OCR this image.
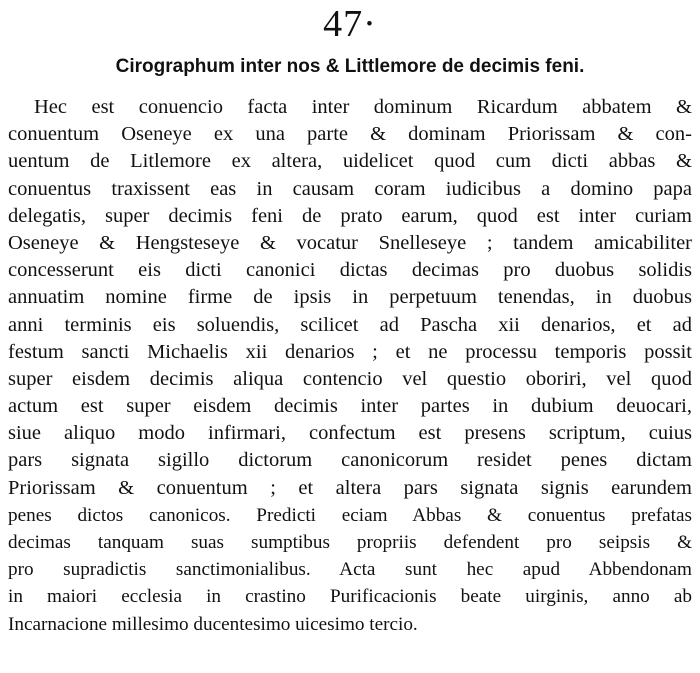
47·
Cirographum inter nos & Littlemore de decimis feni.
Hec est conuencio facta inter dominum Ricardum abbatem &
conuentum Oseneye ex una parte & dominam Priorissam & con-
uentum de Litlemore ex altera, uidelicet quod cum dicti abbas &
conuentus traxissent eas in causam coram iudicibus a domino papa
delegatis, super decimis feni de prato earum, quod est inter curiam
Oseneye & Hengsteseye & vocatur Snelleseye ; tandem amicabiliter
concesserunt eis dicti canonici dictas decimas pro duobus solidis
annuatim nomine firme de ipsis in perpetuum tenendas, in duobus
anni terminis eis soluendis, scilicet ad Pascha xii denarios, et ad
festum sancti Michaelis xii denarios ; et ne processu temporis possit
super eisdem decimis aliqua contencio vel questio oboriri, vel quod
actum est super eisdem decimis inter partes in dubium deuocari,
siue aliquo modo infirmari, confectum est presens scriptum, cuius
pars signata sigillo dictorum canonicorum residet penes dictam
Priorissam & conuentum ; et altera pars signata signis earundem
penes dictos canonicos. Predicti eciam Abbas & conuentus prefatas
decimas tanquam suas sumptibus propriis defendent pro seipsis &
pro supradictis sanctimonialibus. Acta sunt hec apud Abbendonam
in maiori ecclesia in crastino Purificacionis beate uirginis, anno ab
Incarnacione millesimo ducentesimo uicesimo tercio.
